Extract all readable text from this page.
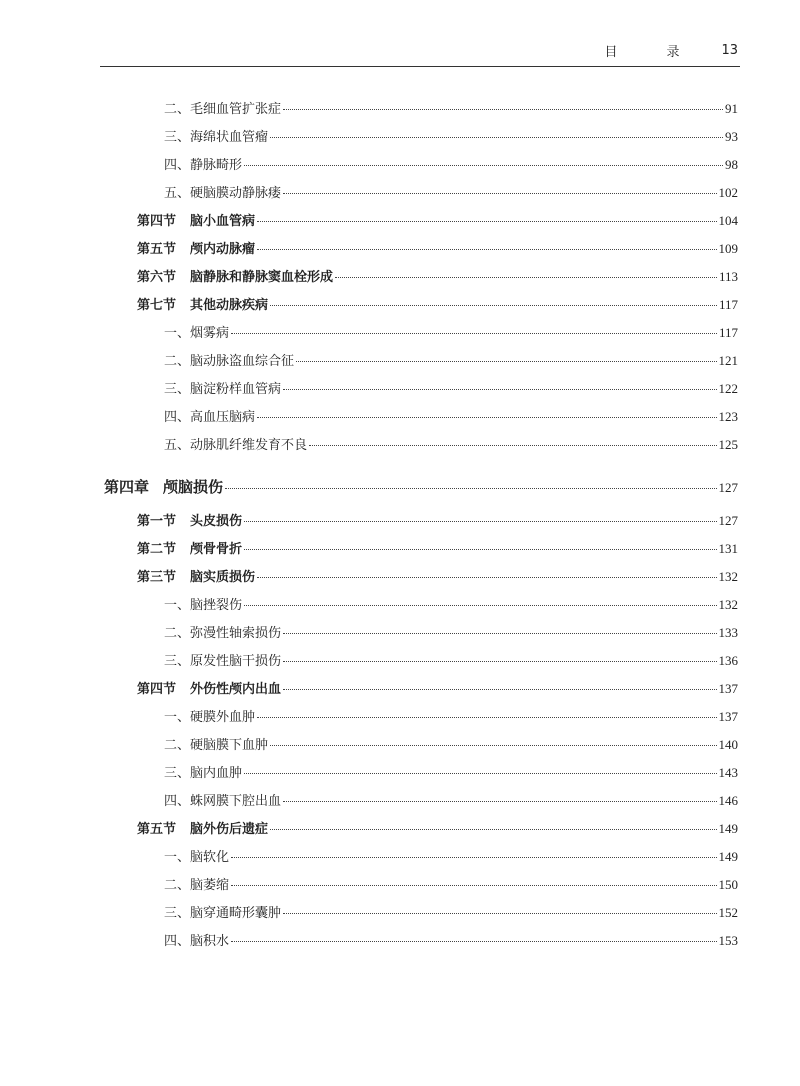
目　录 13
二、毛细血管扩张症	91
三、海绵状血管瘤	93
四、静脉畸形	98
五、硬脑膜动静脉瘘	102
第四节 脑小血管病	104
第五节 颅内动脉瘤	109
第六节 脑静脉和静脉窦血栓形成	113
第七节 其他动脉疾病	117
一、烟雾病	117
二、脑动脉盗血综合征	121
三、脑淀粉样血管病	122
四、高血压脑病	123
五、动脉肌纤维发育不良	125
第四章 颅脑损伤	127
第一节 头皮损伤	127
第二节 颅骨骨折	131
第三节 脑实质损伤	132
一、脑挫裂伤	132
二、弥漫性轴索损伤	133
三、原发性脑干损伤	136
第四节 外伤性颅内出血	137
一、硬膜外血肿	137
二、硬脑膜下血肿	140
三、脑内血肿	143
四、蛛网膜下腔出血	146
第五节 脑外伤后遗症	149
一、脑软化	149
二、脑萎缩	150
三、脑穿通畸形囊肿	152
四、脑积水	153
